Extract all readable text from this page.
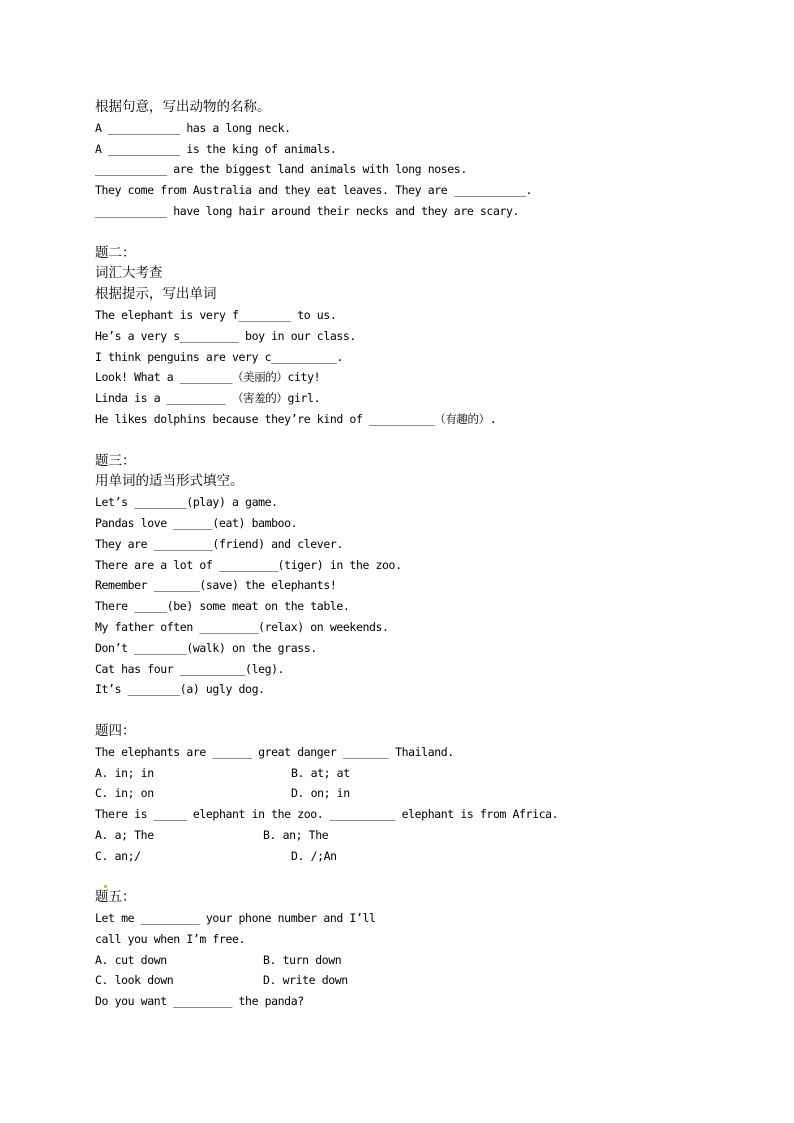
根据句意，写出动物的名称。
A ___________ has a long neck.
A ___________ is the king of animals.
___________ are the biggest land animals with long noses.
They come from Australia and they eat leaves. They are ___________.
___________ have long hair around their necks and they are scary.
题二：
词汇大考查
根据提示，写出单词
The elephant is very f________ to us.
He’s a very s_________ boy in our class.
I think penguins are very c__________.
Look! What a ________（美丽的）city!
Linda is a _________ （害羞的）girl.
He likes dolphins because they’re kind of __________（有趣的）.
题三：
用单词的适当形式填空。
Let’s ________(play) a game.
Pandas love ______(eat) bamboo.
They are _________(friend) and clever.
There are a lot of _________(tiger) in the zoo.
Remember _______(save) the elephants!
There _____(be) some meat on the table.
My father often _________(relax) on weekends.
Don’t ________(walk) on the grass.
Cat has four __________(leg).
It’s ________(a) ugly dog.
题四：
The elephants are ______ great danger _______ Thailand.
A. in; in	B. at; at
C. in; on	D. on; in
There is _____ elephant in the zoo. __________ elephant is from Africa.
A. a; The	B. an; The
C. an;/	D. /;An
题五：
Let me _________ your phone number and I’ll
call you when I’m free.
A. cut down	B. turn down
C. look down	D. write down
Do you want _________ the panda?
